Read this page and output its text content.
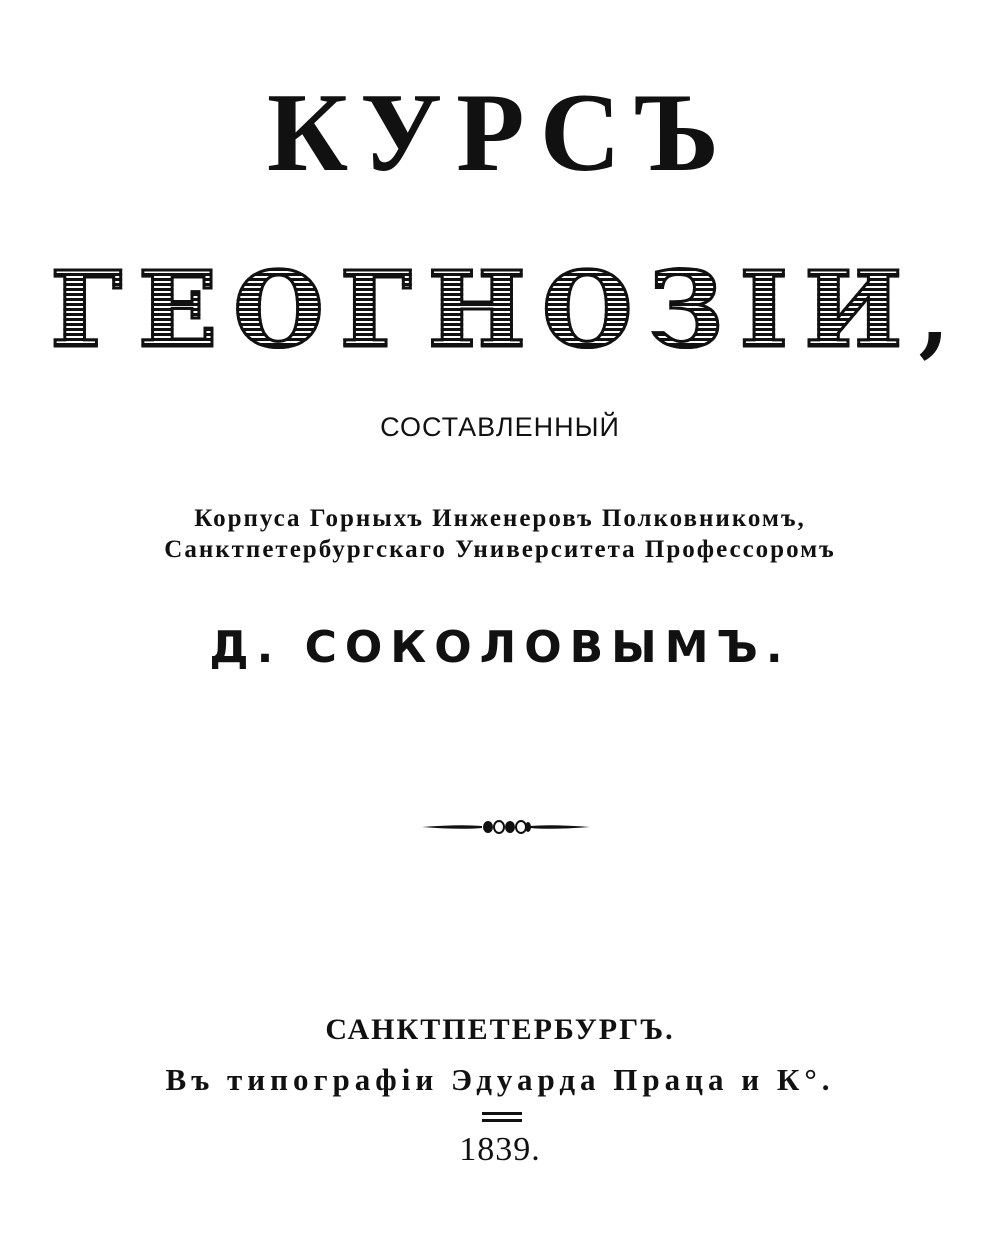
КУРСЪ
ГЕОГНОЗІИ,
СОСТАВЛЕННЫЙ
Корпуса Горныхъ Инженеровъ Полковникомъ,
Санктпетербургскаго Университета Профессоромъ
Д. СОКОЛОВЫМЪ.
САНКТПЕТЕРБУРГЪ.
Въ типографіи Эдуарда Праца и К°.
1839.
